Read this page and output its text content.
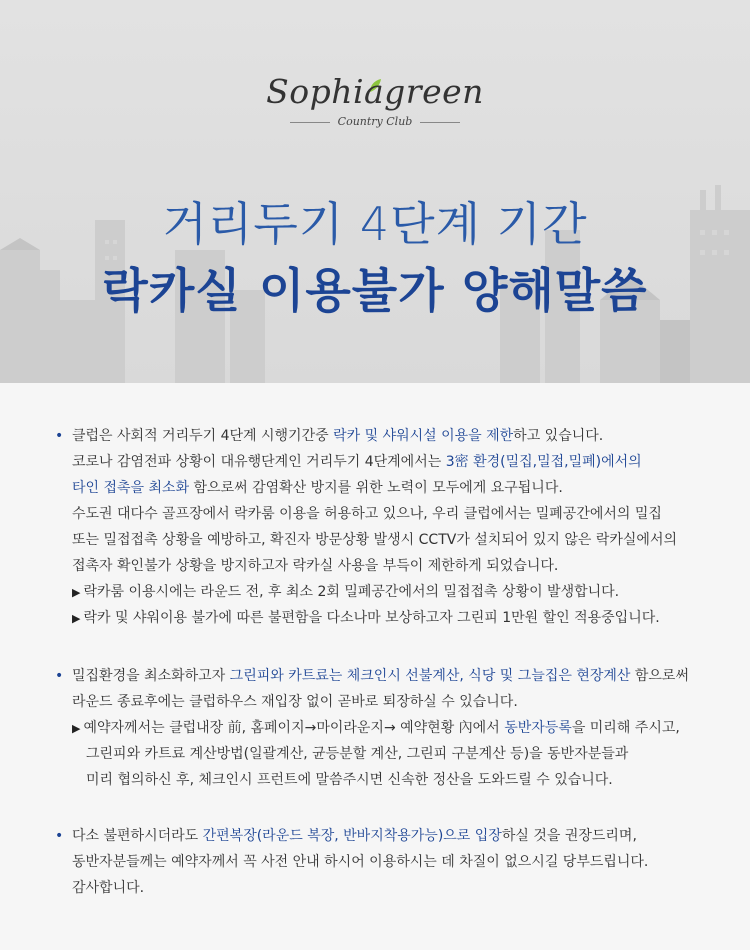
Sophiagreen
Country Club
거리두기 4단계 기간
락카실 이용불가 양해말씀
• 클럽은 사회적 거리두기 4단계 시행기간중 락카 및 샤워시설 이용을 제한하고 있습니다.
코로나 감염전파 상황이 대유행단계인 거리두기 4단계에서는 3密 환경(밀집,밀접,밀폐)에서의
타인 접촉을 최소화 함으로써 감염확산 방지를 위한 노력이 모두에게 요구됩니다.
수도권 대다수 골프장에서 락카룸 이용을 허용하고 있으나, 우리 클럽에서는 밀폐공간에서의 밀집
또는 밀접접촉 상황을 예방하고, 확진자 방문상황 발생시 CCTV가 설치되어 있지 않은 락카실에서의
접촉자 확인불가 상황을 방지하고자 락카실 사용을 부득이 제한하게 되었습니다.
▶ 락카룸 이용시에는 라운드 전, 후 최소 2회 밀폐공간에서의 밀접접촉 상황이 발생합니다.
▶ 락카 및 샤워이용 불가에 따른 불편함을 다소나마 보상하고자 그린피 1만원 할인 적용중입니다.
• 밀집환경을 최소화하고자 그린피와 카트료는 체크인시 선불계산, 식당 및 그늘집은 현장계산 함으로써
라운드 종료후에는 클럽하우스 재입장 없이 곧바로 퇴장하실 수 있습니다.
▶ 예약자께서는 클럽내장 前, 홈페이지→마이라운지→ 예약현황 內에서 동반자등록을 미리해 주시고,
그린피와 카트료 계산방법(일괄계산, 균등분할 계산, 그린피 구분계산 등)을 동반자분들과
미리 협의하신 후, 체크인시 프런트에 말씀주시면 신속한 정산을 도와드릴 수 있습니다.
• 다소 불편하시더라도 간편복장(라운드 복장, 반바지착용가능)으로 입장하실 것을 권장드리며,
동반자분들께는 예약자께서 꼭 사전 안내 하시어 이용하시는 데 차질이 없으시길 당부드립니다.
감사합니다.
